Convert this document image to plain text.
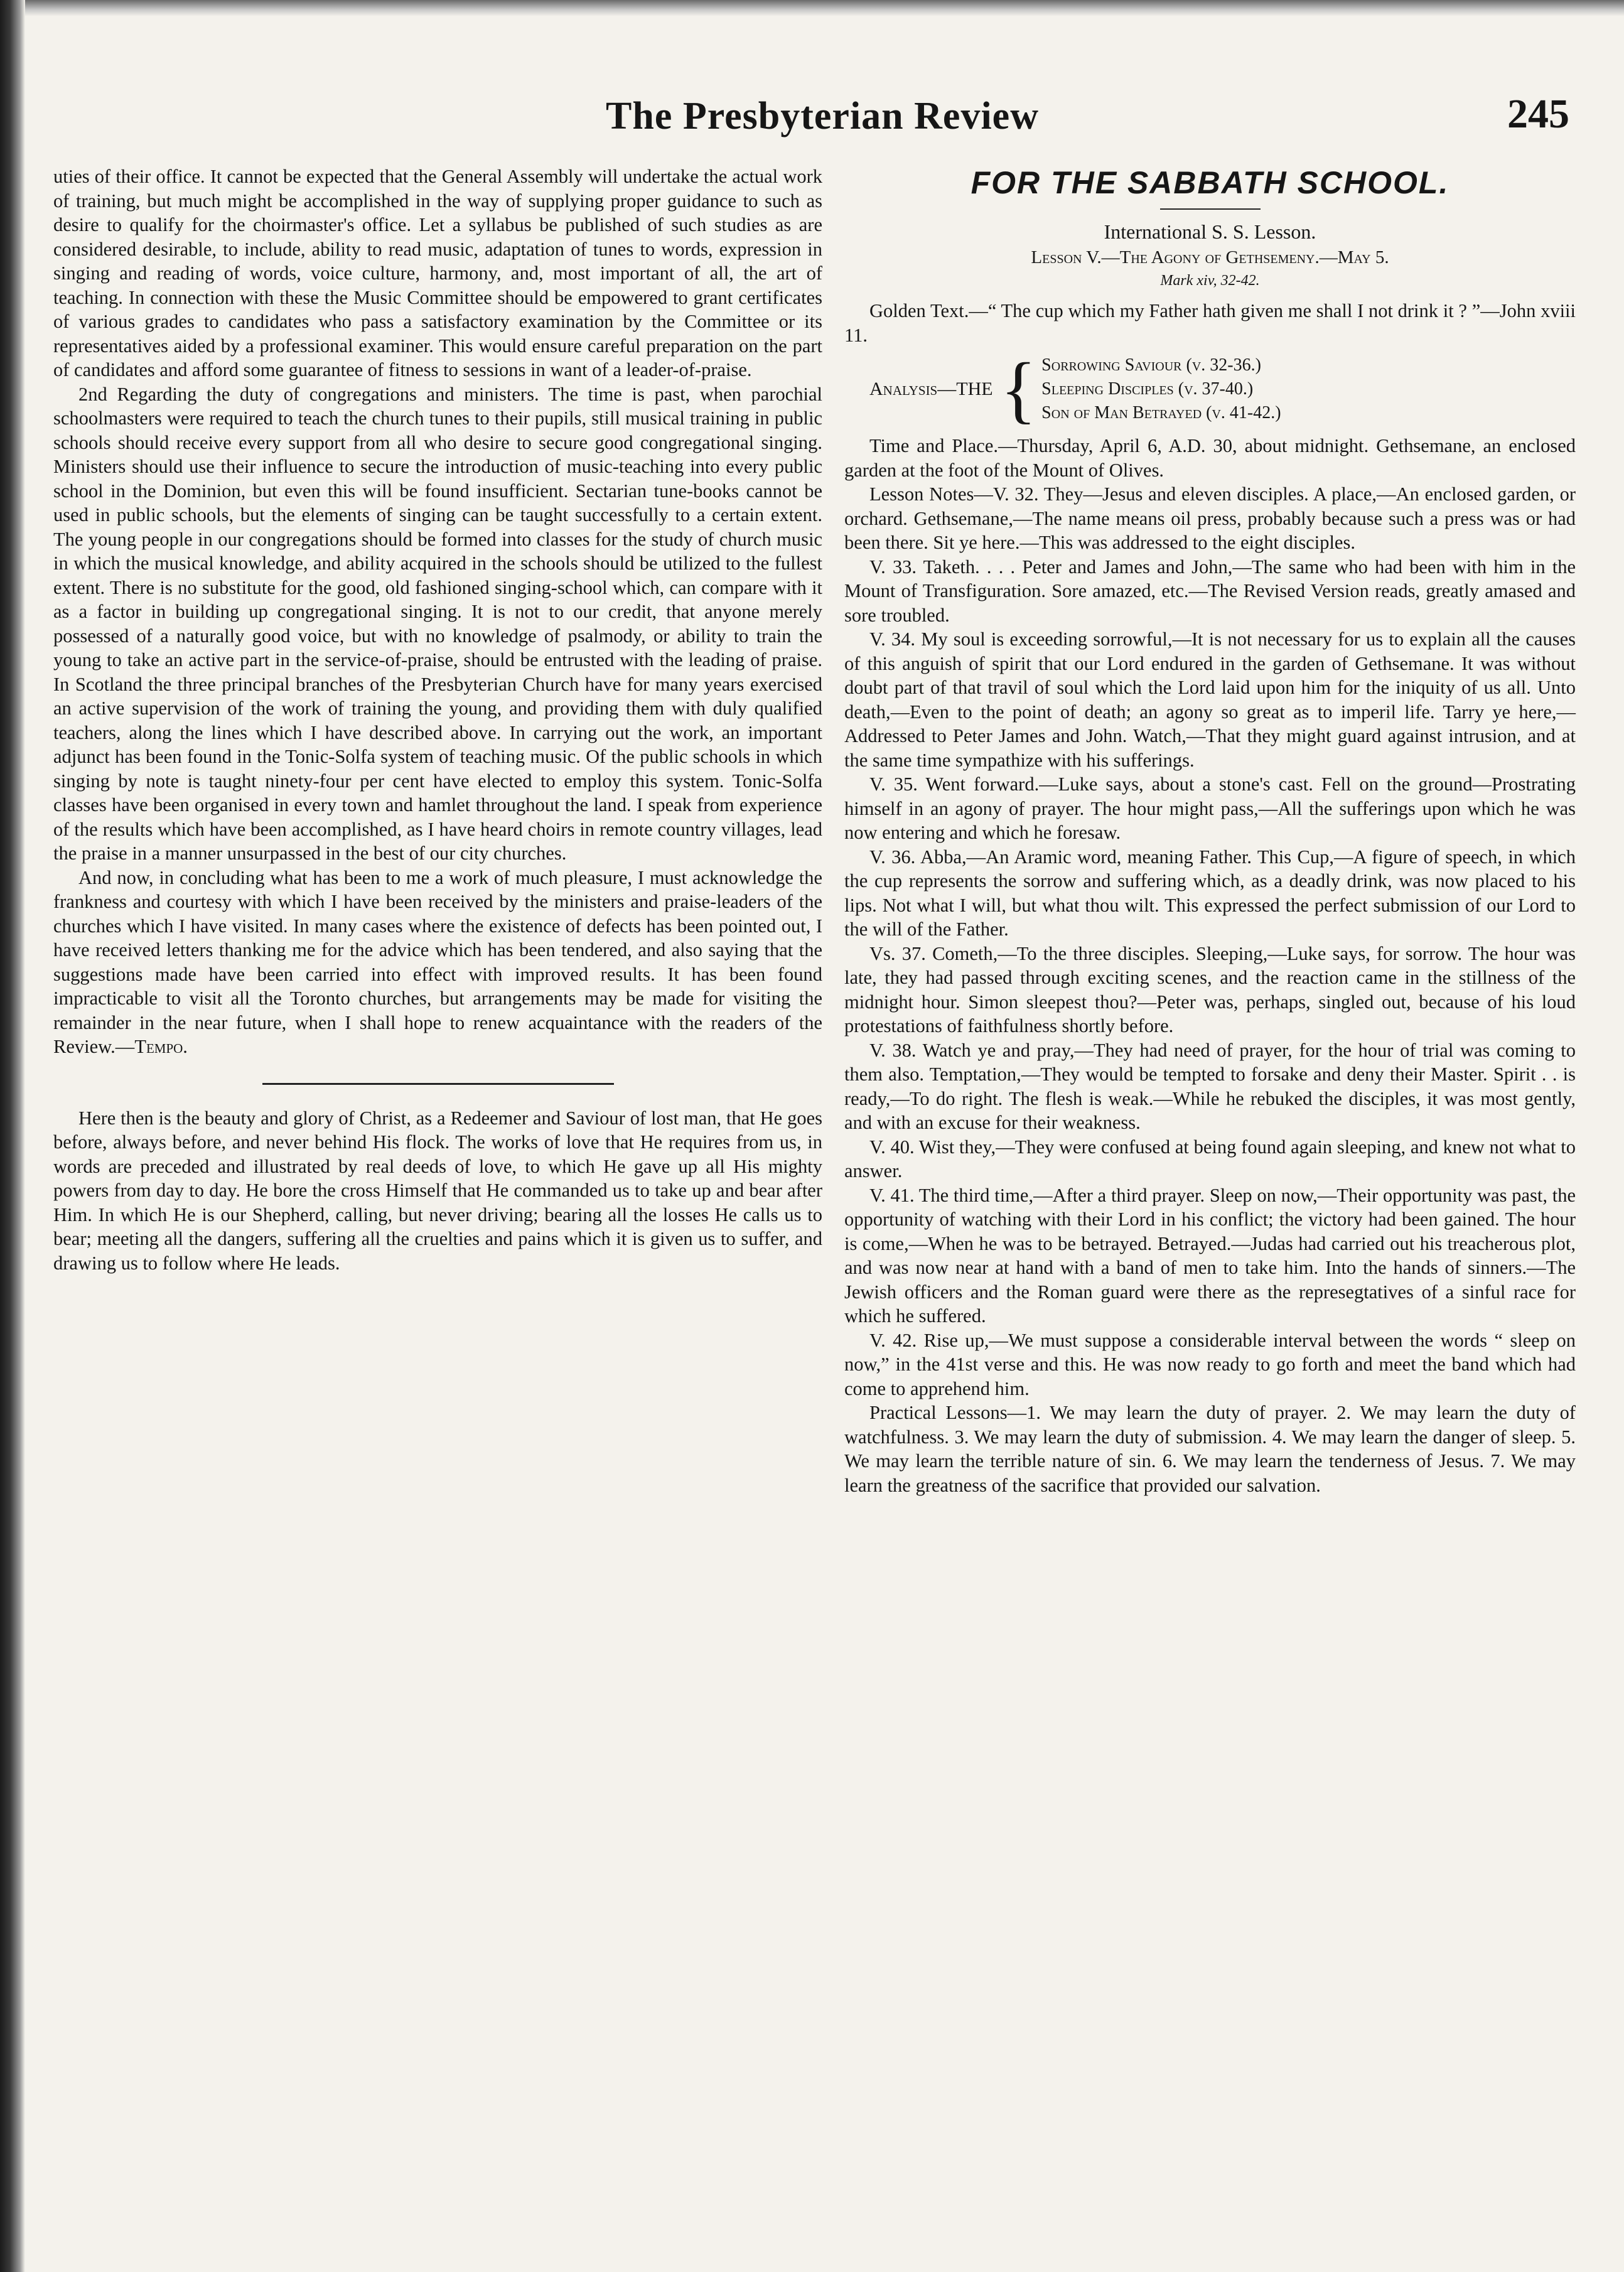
The Presbyterian Review	245

uties of their office. It cannot be expected that the General Assembly will undertake the actual work of training, but much might be accomplished in the way of supplying proper guidance to such as desire to qualify for the choirmaster's office. Let a syllabus be published of such studies as are considered desirable, to include, ability to read music, adaptation of tunes to words, expression in singing and reading of words, voice culture, harmony, and, most important of all, the art of teaching. In connection with these the Music Committee should be empowered to grant certificates of various grades to candidates who pass a satisfactory examination by the Committee or its representatives aided by a professional examiner. This would ensure careful preparation on the part of candidates and afford some guarantee of fitness to sessions in want of a leader-of-praise.

2nd Regarding the duty of congregations and ministers. The time is past, when parochial schoolmasters were required to teach the church tunes to their pupils, still musical training in public schools should receive every support from all who desire to secure good congregational singing. Ministers should use their influence to secure the introduction of music-teaching into every public school in the Dominion, but even this will be found insufficient. Sectarian tune-books cannot be used in public schools, but the elements of singing can be taught successfully to a certain extent. The young people in our congregations should be formed into classes for the study of church music in which the musical knowledge, and ability acquired in the schools should be utilized to the fullest extent. There is no substitute for the good, old fashioned singing-school which, can compare with it as a factor in building up congregational singing. It is not to our credit, that anyone merely possessed of a naturally good voice, but with no knowledge of psalmody, or ability to train the young to take an active part in the service-of-praise, should be entrusted with the leading of praise. In Scotland the three principal branches of the Presbyterian Church have for many years exercised an active supervision of the work of training the young, and providing them with duly qualified teachers, along the lines which I have described above. In carrying out the work, an important adjunct has been found in the Tonic-Solfa system of teaching music. Of the public schools in which singing by note is taught ninety-four per cent have elected to employ this system. Tonic-Solfa classes have been organised in every town and hamlet throughout the land. I speak from experience of the results which have been accomplished, as I have heard choirs in remote country villages, lead the praise in a manner unsurpassed in the best of our city churches.

And now, in concluding what has been to me a work of much pleasure, I must acknowledge the frankness and courtesy with which I have been received by the ministers and praise-leaders of the churches which I have visited. In many cases where the existence of defects has been pointed out, I have received letters thanking me for the advice which has been tendered, and also saying that the suggestions made have been carried into effect with improved results. It has been found impracticable to visit all the Toronto churches, but arrangements may be made for visiting the remainder in the near future, when I shall hope to renew acquaintance with the readers of the Review.—Tempo.

Here then is the beauty and glory of Christ, as a Redeemer and Saviour of lost man, that He goes before, always before, and never behind His flock. The works of love that He requires from us, in words are preceded and illustrated by real deeds of love, to which He gave up all His mighty powers from day to day. He bore the cross Himself that He commanded us to take up and bear after Him. In which He is our Shepherd, calling, but never driving; bearing all the losses He calls us to bear; meeting all the dangers, suffering all the cruelties and pains which it is given us to suffer, and drawing us to follow where He leads.

FOR THE SABBATH SCHOOL.

International S. S. Lesson.

Lesson V.—The Agony of Gethsemeny.—May 5.

Mark xiv, 32-42.

Golden Text.—“ The cup which my Father hath given me shall I not drink it ? ”—John xviii 11.

Analysis—THE { Sorrowing Saviour (v. 32-36.)
Sleeping Disciples (v. 37-40.)
Son of Man Betrayed (v. 41-42.)

Time and Place.—Thursday, April 6, A.D. 30, about midnight. Gethsemane, an enclosed garden at the foot of the Mount of Olives.

Lesson Notes—V. 32. They—Jesus and eleven disciples. A place,—An enclosed garden, or orchard. Gethsemane,—The name means oil press, probably because such a press was or had been there. Sit ye here.—This was addressed to the eight disciples.

V. 33. Taketh. . . . Peter and James and John,—The same who had been with him in the Mount of Transfiguration. Sore amazed, etc.—The Revised Version reads, greatly amased and sore troubled.

V. 34. My soul is exceeding sorrowful,—It is not necessary for us to explain all the causes of this anguish of spirit that our Lord endured in the garden of Gethsemane. It was without doubt part of that travil of soul which the Lord laid upon him for the iniquity of us all. Unto death,—Even to the point of death; an agony so great as to imperil life. Tarry ye here,—Addressed to Peter James and John. Watch,—That they might guard against intrusion, and at the same time sympathize with his sufferings.

V. 35. Went forward.—Luke says, about a stone's cast. Fell on the ground—Prostrating himself in an agony of prayer. The hour might pass,—All the sufferings upon which he was now entering and which he foresaw.

V. 36. Abba,—An Aramic word, meaning Father. This Cup,—A figure of speech, in which the cup represents the sorrow and suffering which, as a deadly drink, was now placed to his lips. Not what I will, but what thou wilt. This expressed the perfect submission of our Lord to the will of the Father.

Vs. 37. Cometh,—To the three disciples. Sleeping,—Luke says, for sorrow. The hour was late, they had passed through exciting scenes, and the reaction came in the stillness of the midnight hour. Simon sleepest thou?—Peter was, perhaps, singled out, because of his loud protestations of faithfulness shortly before.

V. 38. Watch ye and pray,—They had need of prayer, for the hour of trial was coming to them also. Temptation,—They would be tempted to forsake and deny their Master. Spirit . . is ready,—To do right. The flesh is weak.—While he rebuked the disciples, it was most gently, and with an excuse for their weakness.

V. 40. Wist they,—They were confused at being found again sleeping, and knew not what to answer.

V. 41. The third time,—After a third prayer. Sleep on now,—Their opportunity was past, the opportunity of watching with their Lord in his conflict; the victory had been gained. The hour is come,—When he was to be betrayed. Betrayed.—Judas had carried out his treacherous plot, and was now near at hand with a band of men to take him. Into the hands of sinners.—The Jewish officers and the Roman guard were there as the represegtatives of a sinful race for which he suffered.

V. 42. Rise up,—We must suppose a considerable interval between the words “ sleep on now,” in the 41st verse and this. He was now ready to go forth and meet the band which had come to apprehend him.

Practical Lessons—1. We may learn the duty of prayer. 2. We may learn the duty of watchfulness. 3. We may learn the duty of submission. 4. We may learn the danger of sleep. 5. We may learn the terrible nature of sin. 6. We may learn the tenderness of Jesus. 7. We may learn the greatness of the sacrifice that provided our salvation.
